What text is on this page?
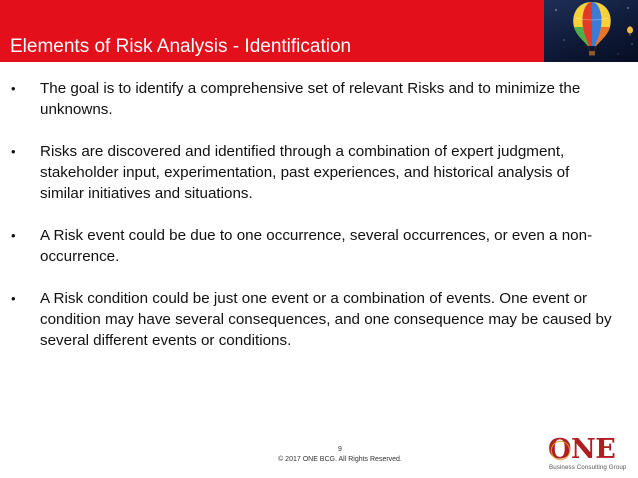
Elements of Risk Analysis - Identification
• The goal is to identify a comprehensive set of relevant Risks and to minimize the unknowns.
• Risks are discovered and identified through a combination of expert judgment, stakeholder input, experimentation, past experiences, and historical analysis of similar initiatives and situations.
• A Risk event could be due to one occurrence, several occurrences, or even a non-occurrence.
• A Risk condition could be just one event or a combination of events. One event or condition may have several consequences, and one consequence may be caused by several different events or conditions.
9
© 2017 ONE BCG. All Rights Reserved.	ONE
Business Consulting Group
